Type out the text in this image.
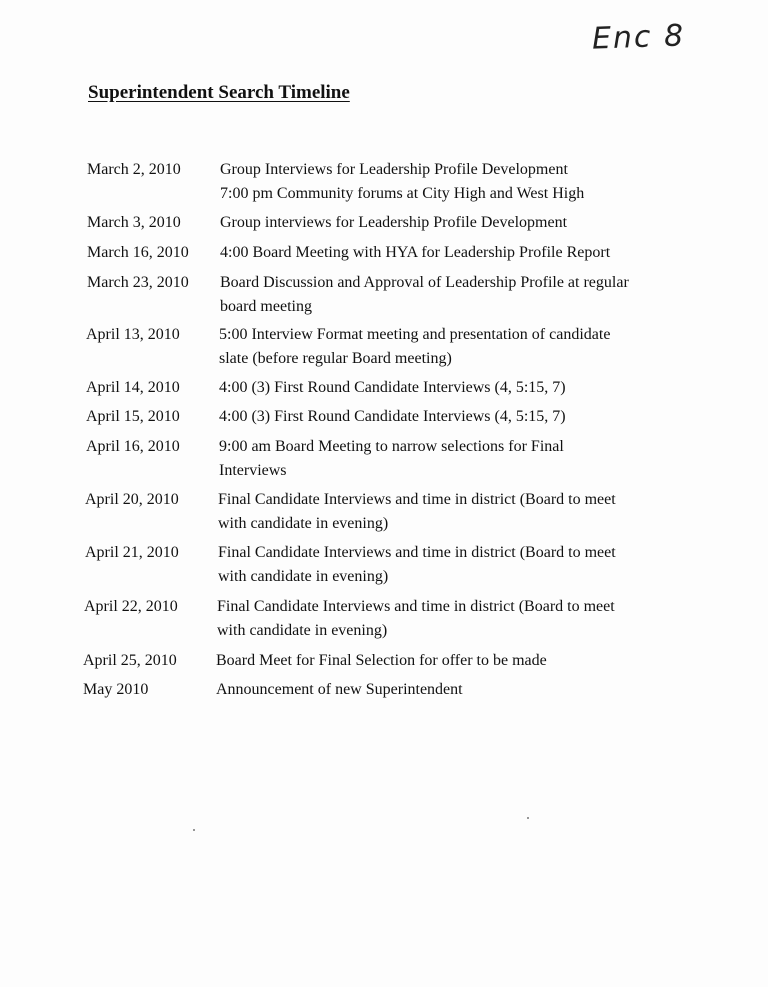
Enc 8
Superintendent Search Timeline
March 2, 2010	Group Interviews for Leadership Profile Development
7:00 pm Community forums at City High and West High
March 3, 2010	Group interviews for Leadership Profile Development
March 16, 2010	4:00 Board Meeting with HYA for Leadership Profile Report
March 23, 2010	Board Discussion and Approval of Leadership Profile at regular
board meeting
April 13, 2010	5:00 Interview Format meeting and presentation of candidate
slate (before regular Board meeting)
April 14, 2010	4:00 (3) First Round Candidate Interviews (4, 5:15, 7)
April 15, 2010	4:00 (3) First Round Candidate Interviews (4, 5:15, 7)
April 16, 2010	9:00 am Board Meeting to narrow selections for Final
Interviews
April 20, 2010	Final Candidate Interviews and time in district (Board to meet
with candidate in evening)
April 21, 2010	Final Candidate Interviews and time in district (Board to meet
with candidate in evening)
April 22, 2010	Final Candidate Interviews and time in district (Board to meet
with candidate in evening)
April 25, 2010	Board Meet for Final Selection for offer to be made
May 2010	Announcement of new Superintendent
